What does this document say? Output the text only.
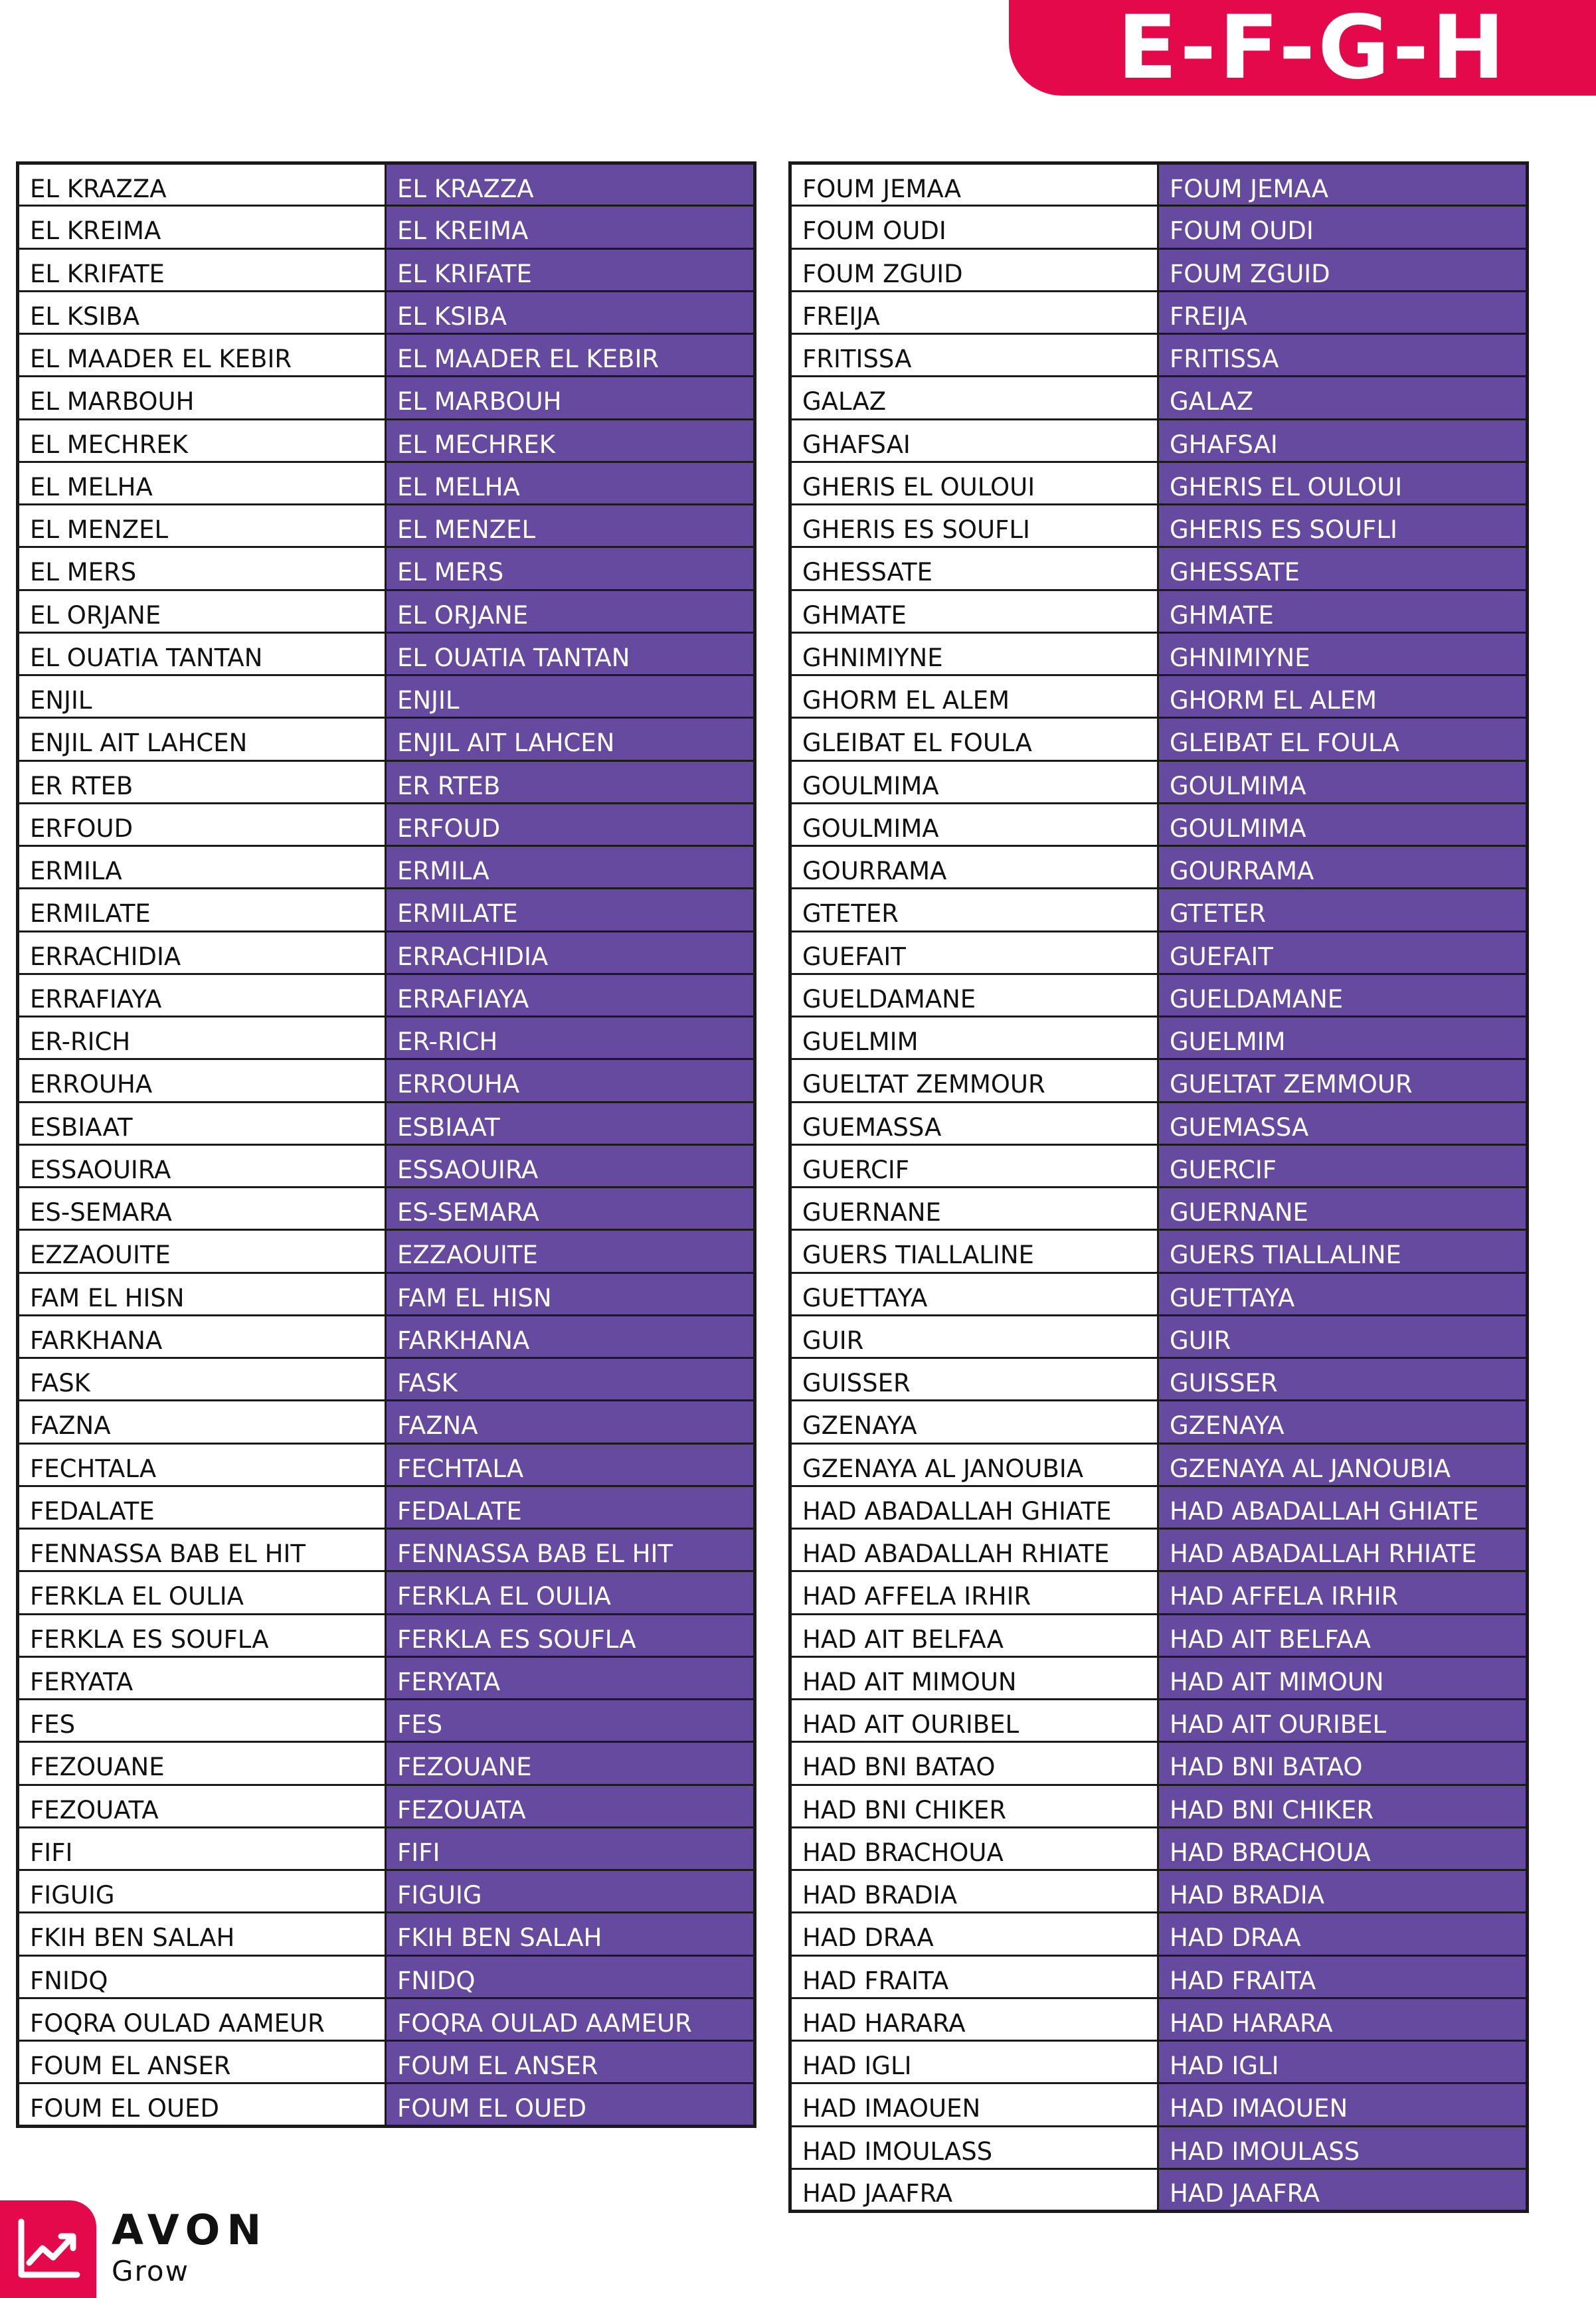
E-F-G-H
EL KRAZZA	EL KRAZZA
EL KREIMA	EL KREIMA
EL KRIFATE	EL KRIFATE
EL KSIBA	EL KSIBA
EL MAADER EL KEBIR	EL MAADER EL KEBIR
EL MARBOUH	EL MARBOUH
EL MECHREK	EL MECHREK
EL MELHA	EL MELHA
EL MENZEL	EL MENZEL
EL MERS	EL MERS
EL ORJANE	EL ORJANE
EL OUATIA TANTAN	EL OUATIA TANTAN
ENJIL	ENJIL
ENJIL AIT LAHCEN	ENJIL AIT LAHCEN
ER RTEB	ER RTEB
ERFOUD	ERFOUD
ERMILA	ERMILA
ERMILATE	ERMILATE
ERRACHIDIA	ERRACHIDIA
ERRAFIAYA	ERRAFIAYA
ER-RICH	ER-RICH
ERROUHA	ERROUHA
ESBIAAT	ESBIAAT
ESSAOUIRA	ESSAOUIRA
ES-SEMARA	ES-SEMARA
EZZAOUITE	EZZAOUITE
FAM EL HISN	FAM EL HISN
FARKHANA	FARKHANA
FASK	FASK
FAZNA	FAZNA
FECHTALA	FECHTALA
FEDALATE	FEDALATE
FENNASSA BAB EL HIT	FENNASSA BAB EL HIT
FERKLA EL OULIA	FERKLA EL OULIA
FERKLA ES SOUFLA	FERKLA ES SOUFLA
FERYATA	FERYATA
FES	FES
FEZOUANE	FEZOUANE
FEZOUATA	FEZOUATA
FIFI	FIFI
FIGUIG	FIGUIG
FKIH BEN SALAH	FKIH BEN SALAH
FNIDQ	FNIDQ
FOQRA OULAD AAMEUR	FOQRA OULAD AAMEUR
FOUM EL ANSER	FOUM EL ANSER
FOUM EL OUED	FOUM EL OUED
FOUM JEMAA	FOUM JEMAA
FOUM OUDI	FOUM OUDI
FOUM ZGUID	FOUM ZGUID
FREIJA	FREIJA
FRITISSA	FRITISSA
GALAZ	GALAZ
GHAFSAI	GHAFSAI
GHERIS EL OULOUI	GHERIS EL OULOUI
GHERIS ES SOUFLI	GHERIS ES SOUFLI
GHESSATE	GHESSATE
GHMATE	GHMATE
GHNIMIYNE	GHNIMIYNE
GHORM EL ALEM	GHORM EL ALEM
GLEIBAT EL FOULA	GLEIBAT EL FOULA
GOULMIMA	GOULMIMA
GOULMIMA	GOULMIMA
GOURRAMA	GOURRAMA
GTETER	GTETER
GUEFAIT	GUEFAIT
GUELDAMANE	GUELDAMANE
GUELMIM	GUELMIM
GUELTAT ZEMMOUR	GUELTAT ZEMMOUR
GUEMASSA	GUEMASSA
GUERCIF	GUERCIF
GUERNANE	GUERNANE
GUERS TIALLALINE	GUERS TIALLALINE
GUETTAYA	GUETTAYA
GUIR	GUIR
GUISSER	GUISSER
GZENAYA	GZENAYA
GZENAYA AL JANOUBIA	GZENAYA AL JANOUBIA
HAD ABADALLAH GHIATE	HAD ABADALLAH GHIATE
HAD ABADALLAH RHIATE	HAD ABADALLAH RHIATE
HAD AFFELA IRHIR	HAD AFFELA IRHIR
HAD AIT BELFAA	HAD AIT BELFAA
HAD AIT MIMOUN	HAD AIT MIMOUN
HAD AIT OURIBEL	HAD AIT OURIBEL
HAD BNI BATAO	HAD BNI BATAO
HAD BNI CHIKER	HAD BNI CHIKER
HAD BRACHOUA	HAD BRACHOUA
HAD BRADIA	HAD BRADIA
HAD DRAA	HAD DRAA
HAD FRAITA	HAD FRAITA
HAD HARARA	HAD HARARA
HAD IGLI	HAD IGLI
HAD IMAOUEN	HAD IMAOUEN
HAD IMOULASS	HAD IMOULASS
HAD JAAFRA	HAD JAAFRA
AVON
Grow
